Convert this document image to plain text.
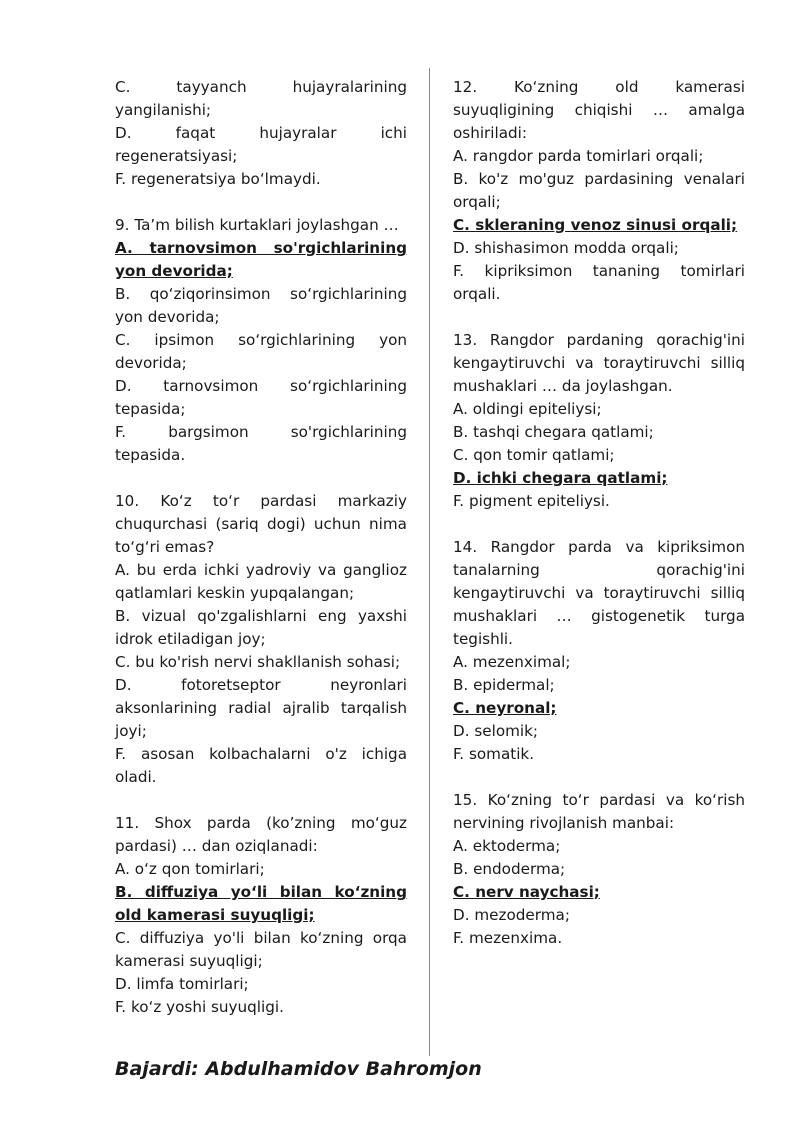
C. tayyanch hujayralarining yangilanishi;
D. faqat hujayralar ichi regeneratsiyasi;
F. regeneratsiya bo‘lmaydi.
9. Ta’m bilish kurtaklari joylashgan …
A. tarnovsimon so'rgichlarining yon devorida;
B. qo‘ziqorinsimon so‘rgichlarining yon devorida;
C. ipsimon so‘rgichlarining yon devorida;
D. tarnovsimon so‘rgichlarining tepasida;
F. bargsimon so'rgichlarining tepasida.
10. Ko‘z to‘r pardasi markaziy chuqurchasi (sariq dogi) uchun nima to‘g‘ri emas?
A. bu erda ichki yadroviy va ganglioz qatlamlari keskin yupqalangan;
B. vizual qo'zgalishlarni eng yaxshi idrok etiladigan joy;
C. bu ko'rish nervi shakllanish sohasi;
D. fotoretseptor neyronlari aksonlarining radial ajralib tarqalish joyi;
F. asosan kolbachalarni o'z ichiga oladi.
11. Shox parda (ko’zning mo‘guz pardasi) … dan oziqlanadi:
A. o‘z qon tomirlari;
B. diffuziya yo‘li bilan ko‘zning old kamerasi suyuqligi;
C. diffuziya yo'li bilan ko‘zning orqa kamerasi suyuqligi;
D. limfa tomirlari;
F. ko‘z yoshi suyuqligi.
12. Ko‘zning old kamerasi suyuqligining chiqishi … amalga oshiriladi:
A. rangdor parda tomirlari orqali;
B. ko'z mo'guz pardasining venalari orqali;
C. skleraning venoz sinusi orqali;
D. shishasimon modda orqali;
F. kipriksimon tananing tomirlari orqali.
13. Rangdor pardaning qorachig'ini kengaytiruvchi va toraytiruvchi silliq mushaklari … da joylashgan.
A. oldingi epiteliysi;
B. tashqi chegara qatlami;
C. qon tomir qatlami;
D. ichki chegara qatlami;
F. pigment epiteliysi.
14. Rangdor parda va kipriksimon tanalarning qorachig'ini kengaytiruvchi va toraytiruvchi silliq mushaklari … gistogenetik turga tegishli.
A. mezenximal;
B. epidermal;
C. neyronal;
D. selomik;
F. somatik.
15. Ko‘zning to‘r pardasi va ko‘rish nervining rivojlanish manbai:
A. ektoderma;
B. endoderma;
C. nerv naychasi;
D. mezoderma;
F. mezenxima.
Bajardi: Abdulhamidov Bahromjon
